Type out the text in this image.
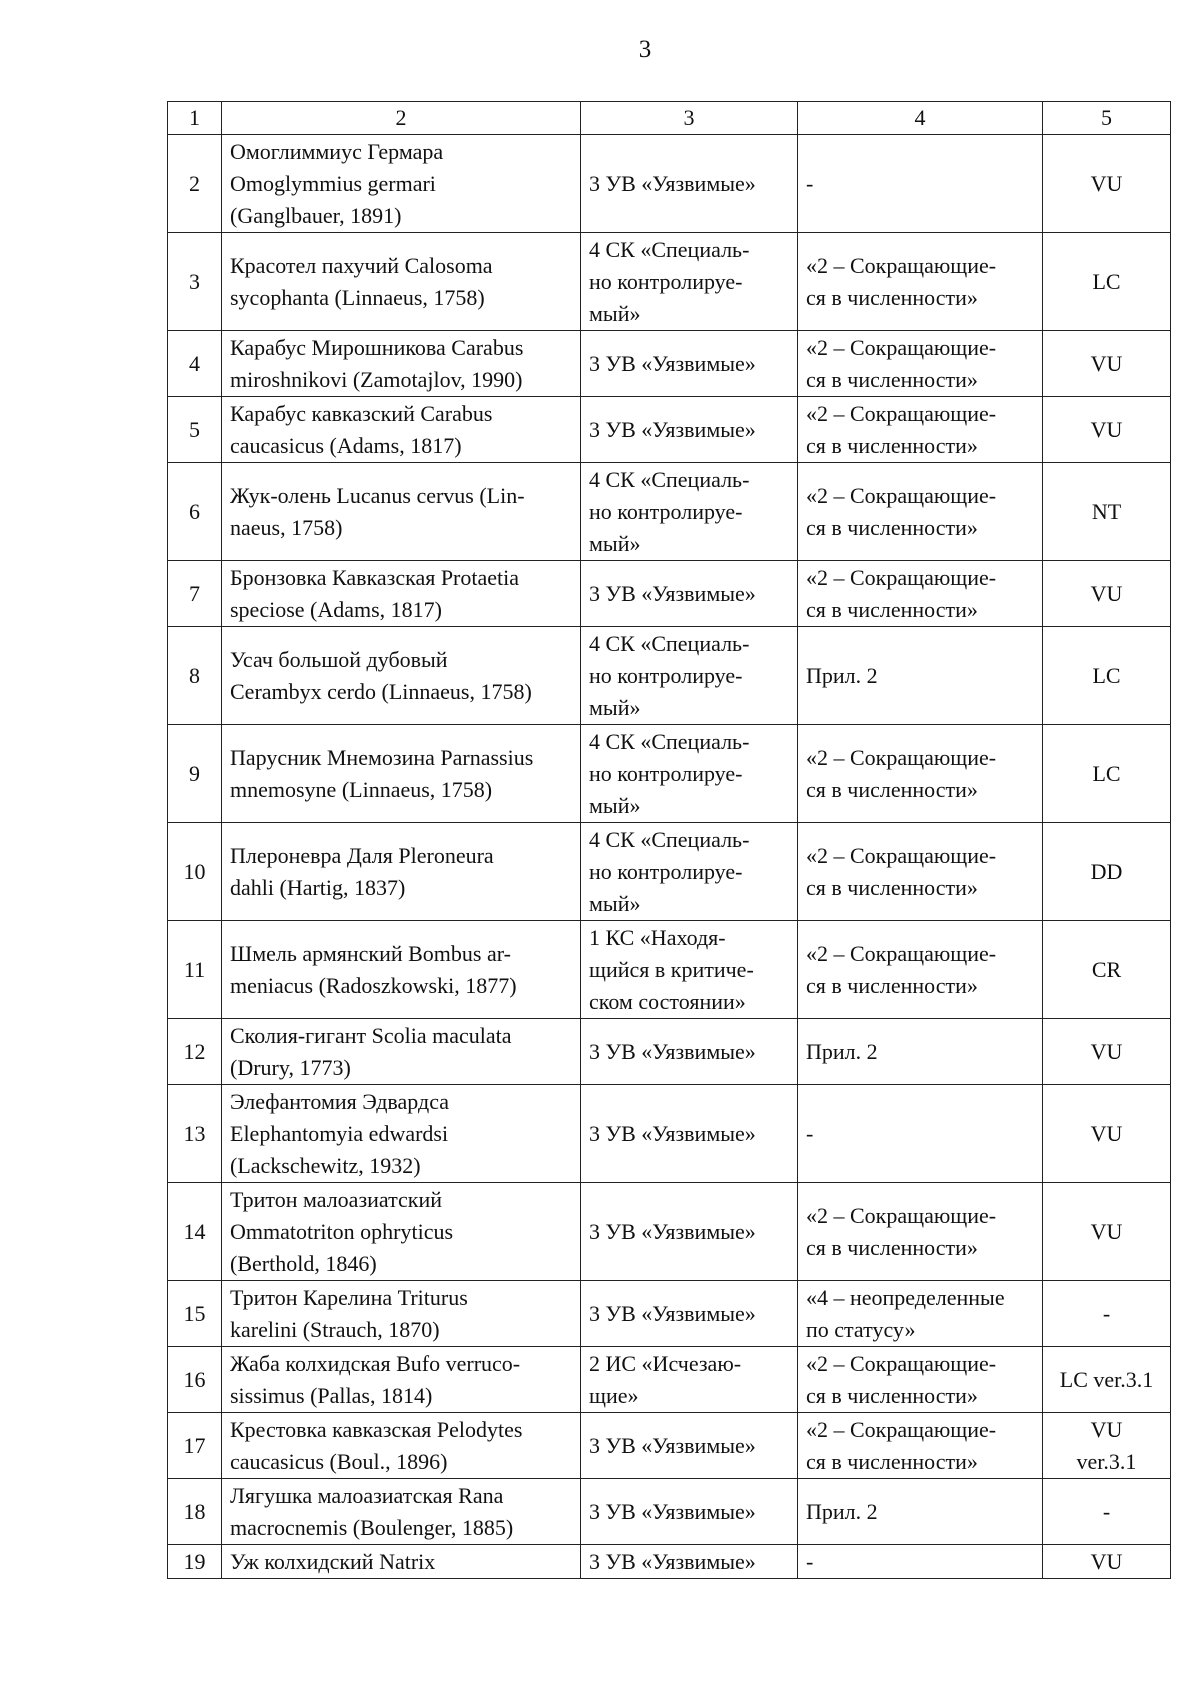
3
1	2	3	4	5
2	Омоглиммиус Гермара
Omoglymmius germari
(Ganglbauer, 1891)	3 УВ «Уязвимые»	-	VU

3	Красотел пахучий Calosoma
sycophanta (Linnaeus, 1758)	4 СК «Специаль-
но контролируе-
мый»	«2 – Сокращающие-
ся в численности»	LC

4	Карабус Мирошникова Carabus
miroshnikovi (Zamotajlov, 1990)	3 УВ «Уязвимые»	«2 – Сокращающие-
ся в численности»	VU

5	Карабус кавказский Carabus
caucasicus (Adams, 1817)	3 УВ «Уязвимые»	«2 – Сокращающие-
ся в численности»	VU

6	Жук-олень Lucanus cervus (Lin-
naeus, 1758)	4 СК «Специаль-
но контролируе-
мый»	«2 – Сокращающие-
ся в численности»	NT

7	Бронзовка Кавказская Protaetia
speciose (Adams, 1817)	3 УВ «Уязвимые»	«2 – Сокращающие-
ся в численности»	VU

8	Усач большой дубовый
Cerambyx cerdo (Linnaeus, 1758)	4 СК «Специаль-
но контролируе-
мый»	Прил. 2	LC

9	Парусник Мнемозина Parnassius
mnemosyne (Linnaeus, 1758)	4 СК «Специаль-
но контролируе-
мый»	«2 – Сокращающие-
ся в численности»	LC

10	Плероневра Даля Pleroneura
dahli (Hartig, 1837)	4 СК «Специаль-
но контролируе-
мый»	«2 – Сокращающие-
ся в численности»	DD

11	Шмель армянский Bombus ar-
meniacus (Radoszkowski, 1877)	1 КС «Находя-
щийся в критиче-
ском состоянии»	«2 – Сокращающие-
ся в численности»	CR

12	Сколия-гигант Scolia maculata
(Drury, 1773)	3 УВ «Уязвимые»	Прил. 2	VU

13	Элефантомия Эдвардса
Elephantomyia edwardsi
(Lackschewitz, 1932)	3 УВ «Уязвимые»	-	VU

14	Тритон малоазиатский
Ommatotriton ophryticus
(Berthold, 1846)	3 УВ «Уязвимые»	«2 – Сокращающие-
ся в численности»	VU

15	Тритон Карелина Triturus
karelini (Strauch, 1870)	3 УВ «Уязвимые»	«4 – неопределенные
по статусу»	-

16	Жаба колхидская Bufo verruco-
sissimus (Pallas, 1814)	2 ИС «Исчезаю-
щие»	«2 – Сокращающие-
ся в численности»	LC ver.3.1

17	Крестовка кавказская Pelodytes
caucasicus (Boul., 1896)	3 УВ «Уязвимые»	«2 – Сокращающие-
ся в численности»	VU
ver.3.1

18	Лягушка малоазиатская Rana
macrocnemis (Boulenger, 1885)	3 УВ «Уязвимые»	Прил. 2	-

19	Уж колхидский Natrix	3 УВ «Уязвимые»	-	VU
